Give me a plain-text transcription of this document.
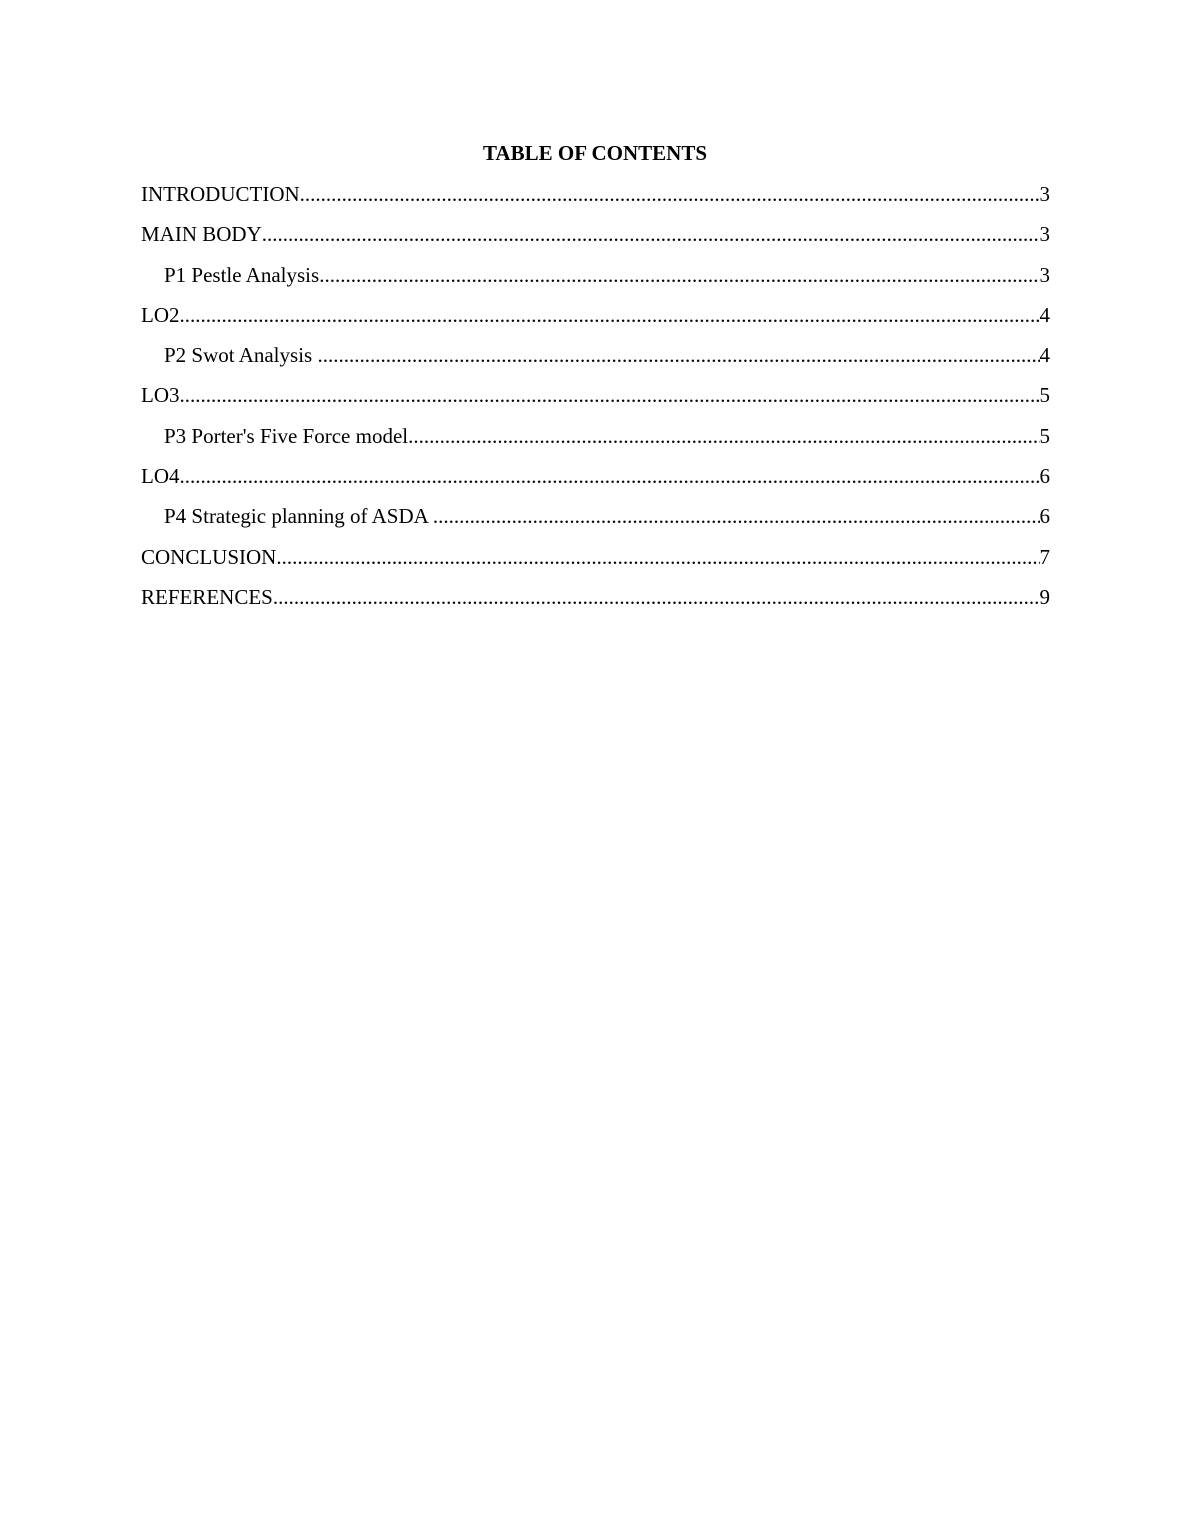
TABLE OF CONTENTS
INTRODUCTION .....	3
MAIN BODY .....	3
P1 Pestle Analysis .....	3
LO2 .....	4
P2 Swot Analysis .....	4
LO3 .....	5
P3 Porter's Five Force model .....	5
LO4 .....	6
P4 Strategic planning of ASDA .....	6
CONCLUSION .....	7
REFERENCES .....	9
